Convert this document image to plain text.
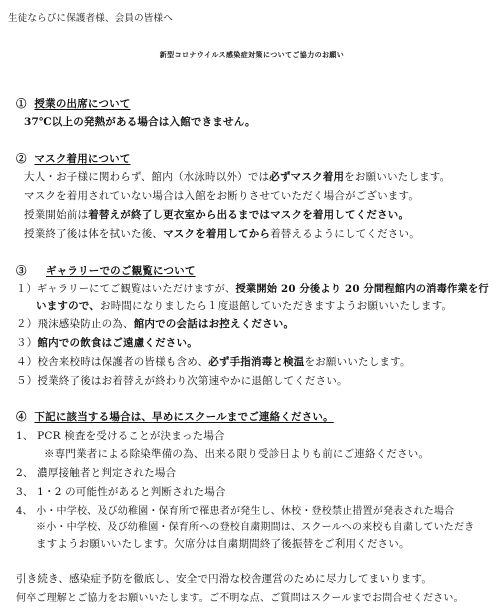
生徒ならびに保護者様、会員の皆様へ
新型コロナウイルス感染症対策についてご協力のお願い
① 授業の出席について
37℃以上の発熱がある場合は入館できません。
② マスク着用について
大人・お子様に関わらず、館内（水泳時以外）では必ずマスク着用をお願いいたします。
マスクを着用されていない場合は入館をお断りさせていただく場合がございます。
授業開始前は着替えが終了し更衣室から出るまではマスクを着用してください。
授業終了後は体を拭いた後、マスクを着用してから着替えるようにしてください。
③ ギャラリーでのご観覧について
１）ギャラリーにてご観覧はいただけますが、授業開始 20 分後より 20 分間程館内の消毒作業を行
いますので、お時間になりましたら１度退館していただきますようお願いいたします。
２）飛沫感染防止の為、館内での会話はお控えください。
３）館内での飲食はご遠慮ください。
４）校舎来校時は保護者の皆様も含め、必ず手指消毒と検温をお願いいたします。
５）授業終了後はお着替えが終わり次第速やかに退館してください。
④ 下記に該当する場合は、早めにスクールまでご連絡ください。
1、 PCR 検査を受けることが決まった場合
※専門業者による除染準備の為、出来る限り受診日よりも前にご連絡ください。
2、 濃厚接触者と判定された場合
3、 1・2 の可能性があると判断された場合
4、 小・中学校、及び幼稚園・保育所で罹患者が発生し、休校・登校禁止措置が発表された場合
※小・中学校、及び幼稚園・保育所への登校自粛期間は、スクールへの来校も自粛していただき
ますようお願いいたします。欠席分は自粛期間終了後振替をご利用ください。
引き続き、感染症予防を徹底し、安全で円滑な校舎運営のために尽力してまいります。
何卒ご理解とご協力をお願いいたします。ご不明な点、ご質問はスクールまでお問合せください。
